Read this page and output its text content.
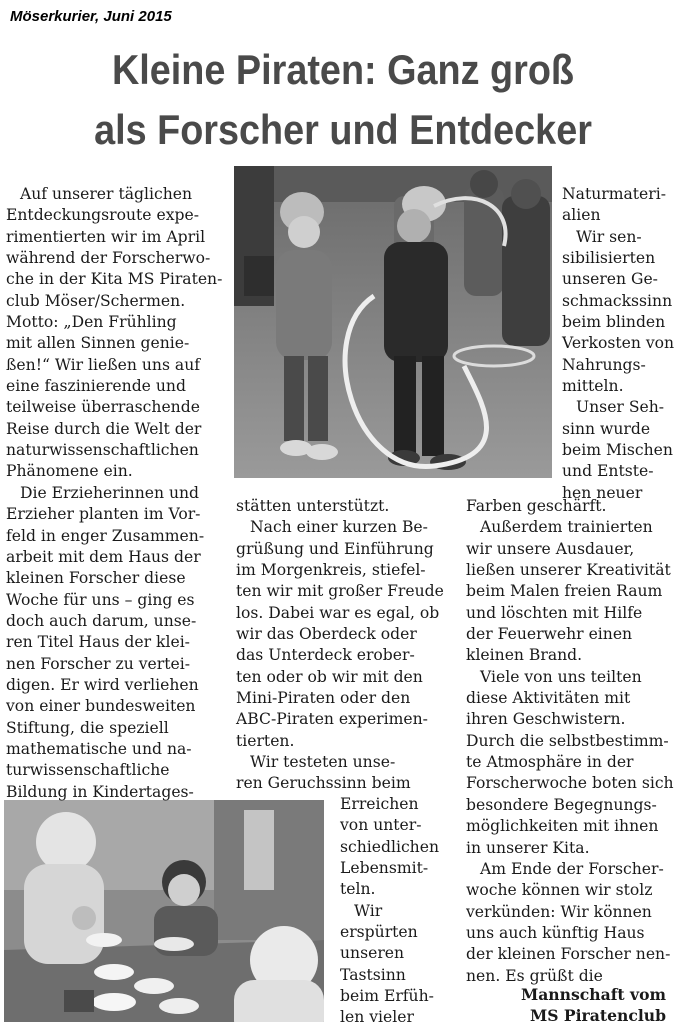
Möserkurier, Juni 2015
Kleine Piraten: Ganz groß
als Forscher und Entdecker
Auf unserer täglichen
Entdeckungsroute expe-
rimentierten wir im April
während der Forscherwo-
che in der Kita MS Piraten-
club Möser/Schermen.
Motto: „Den Frühling
mit allen Sinnen genie-
ßen!“ Wir ließen uns auf
eine faszinierende und
teilweise überraschende
Reise durch die Welt der
naturwissenschaftlichen
Phänomene ein.
Die Erzieherinnen und
Erzieher planten im Vor-
feld in enger Zusammen-
arbeit mit dem Haus der
kleinen Forscher diese
Woche für uns – ging es
doch auch darum, unse-
ren Titel Haus der klei-
nen Forscher zu vertei-
digen. Er wird verliehen
von einer bundesweiten
Stiftung, die speziell
mathematische und na-
turwissenschaftliche
Bildung in Kindertages-
stätten unterstützt.
Nach einer kurzen Be-
grüßung und Einführung
im Morgenkreis, stiefel-
ten wir mit großer Freude
los. Dabei war es egal, ob
wir das Oberdeck oder
das Unterdeck erober-
ten oder ob wir mit den
Mini-Piraten oder den
ABC-Piraten experimen-
tierten.
Wir testeten unse-
ren Geruchssinn beim
Erreichen
von unter-
schiedlichen
Lebensmit-
teln.
Wir
erspürten
unseren
Tastsinn
beim Erfüh-
len vieler
Naturmateri-
alien
Wir sen-
sibilisierten
unseren Ge-
schmackssinn
beim blinden
Verkosten von
Nahrungs-
mitteln.
Unser Seh-
sinn wurde
beim Mischen
und Entste-
hen neuer
Farben geschärft.
Außerdem trainierten
wir unsere Ausdauer,
ließen unserer Kreativität
beim Malen freien Raum
und löschten mit Hilfe
der Feuerwehr einen
kleinen Brand.
Viele von uns teilten
diese Aktivitäten mit
ihren Geschwistern.
Durch die selbstbestimm-
te Atmosphäre in der
Forscherwoche boten sich
besondere Begegnungs-
möglichkeiten mit ihnen
in unserer Kita.
Am Ende der Forscher-
woche können wir stolz
verkünden: Wir können
uns auch künftig Haus
der kleinen Forscher nen-
nen. Es grüßt die
Mannschaft vom
MS Piratenclub
